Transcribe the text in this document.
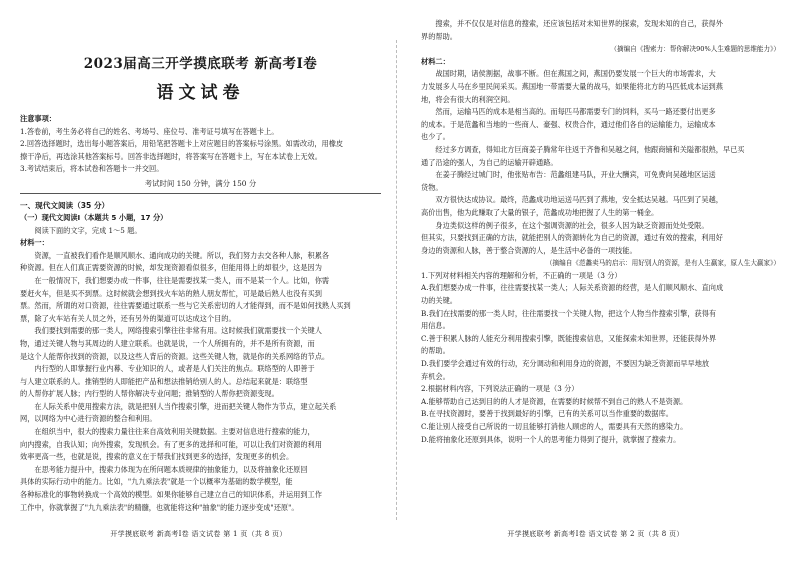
2023届高三开学摸底联考 新高考Ⅰ卷
语文试卷
注意事项：
1.答卷前，考生务必将自己的姓名、考场号、座位号、准考证号填写在答题卡上。
2.回答选择题时，选出每小题答案后，用铅笔把答题卡上对应题目的答案标号涂黑。如需改动，用橡皮
擦干净后，再选涂其他答案标号。回答非选择题时，将答案写在答题卡上，写在本试卷上无效。
3.考试结束后，将本试卷和答题卡一并交回。
考试时间 150 分钟，满分 150 分
一、现代文阅读（35 分）
（一）现代文阅读Ⅰ（本题共 5 小题，17 分）
阅读下面的文字，完成 1～5 题。
材料一：
资源，一直被我们看作是顺风顺水、通向成功的关键。所以，我们努力去交各种人脉，积累各
种资源。但在人们真正需要资源的时候，却发现资源看似很多，但能用得上的却很少，这是因为
在一般情况下，我们想要办成一件事，往往是需要找某一类人，而不是某一个人。比如，你需
要赶火车，但是买不到票。这时候就会想到找火车站的熟人朋友帮忙，可是最后熟人也没有买到
票。然而，所谓的对口资源，往往需要通过联系一些与它关系密切的人才能得到，而不是如何找熟人买到
票，除了火车站有关人员之外，还有另外的渠道可以达成这个目的。
我们要找到需要的那一类人，网络搜索引擎往往非常有用。这时候我们就需要找一个关键人
物，通过关键人物与其周边的人建立联系。也就是说，一个人所拥有的，并不是所有资源，而
是这个人能帮你找到的资源，以及这些人背后的资源。这些关键人物，就是你的关系网络的节点。
内行型的人即掌握行业内幕、专业知识的人，或者是人们关注的焦点。联络型的人即善于
与人建立联系的人。推销型的人即能把产品和想法推销给别人的人。总结起来就是：联络型
的人帮你扩展人脉；内行型的人帮你解决专业问题；推销型的人帮你把资源变现。
在人际关系中使用搜索方法，就是把别人当作搜索引擎，进而把关键人物作为节点，建立起关系
网，以网络为中心进行资源的整合和利用。
在组织当中，很大的搜索力量往往来自高效利用关键数据。主要对信息进行搜索的能力，
向内搜索，自我认知；向外搜索，发现机会。有了更多的选择和可能，可以让我们对资源的利用
效率更高一些，也就是说，搜索的意义在于帮我们找到更多的选择，发现更多的机会。
在思考能力提升中，搜索力体现为在所问题本质规律的抽象能力，以及将抽象化还原回
具体的实际行动中的能力。比如，"九九乘法表"就是一个以概率为基础的数学模型，能
各种标准化的事物转换成一个高效的模型。如果你能够自己建立自己的知识体系，并运用到工作
工作中，你就掌握了"九九乘法表"的精髓，也就能将这种"抽象"的能力逐步变成"还原"。
开学摸底联考 新高考Ⅰ卷 语文试卷 第 1 页（共 8 页）
搜索，并不仅仅是对信息的搜索，还应该包括对未知世界的探索，发现未知的自己，获得外
界的帮助。
（摘编自《搜索力：帮你解决90%人生难题的思维能力》）
材料二：
战国时期，诸侯割据，战事不断。但在燕国之间，燕国仍要发展一个巨大的市场需求，大
力发展多人马在乡里民间采买。燕国地一带需要大量的战马，如果能将北方的马匹低成本运到燕
地，将会有很大的利润空间。
然而，运输马匹的成本是相当高的。而每匹马都需要专门的饲料，买马一路还要付出更多
的成本。于是范蠡和当地的一些商人、豪强、权贵合作，通过他们各自的运输能力，运输成本
也少了。
经过多方调查，得知北方巨商姜子腾常年往返于齐鲁和吴越之间，他跟商铺和关隘都很熟，早已买
通了沿途的强人，为自己的运输开辟通路。
在姜子腾经过城门时，他张贴布告：范蠡组建马队，开业大酬宾，可免费向吴越地区运送
货物。
双方很快达成协议。最终，范蠡成功地运送马匹到了燕地，安全抵达吴越。马匹到了吴越，
高价出售，他为此赚取了大量的银子，范蠡成功地把握了人生的第一桶金。
身边类似这样的例子很多，在这个强调资源的社会，很多人因为缺乏资源而处处受限。
但其实，只要找到正确的方法，就能把别人的资源转化为自己的资源，通过有效的搜索，利用好
身边的资源和人脉，善于整合资源的人，是生活中必备的一项技能。
（摘编自《范蠡卖马的启示：用好别人的资源，是有人生赢家，原人生大赢家》）
1.下列对材料相关内容的理解和分析，不正确的一项是（3 分）
A.我们想要办成一件事，往往需要找某一类人；人际关系资源的经营，是人们顺风顺水、直向成
功的关键。
B.我们在找需要的那一类人时，往往需要找一个关键人物，把这个人物当作搜索引擎，获得有
用信息。
C.善于积累人脉的人能充分利用搜索引擎，既能搜索信息，又能探索未知世界，还能获得外界
的帮助。
D.我们要学会通过有效的行动，充分调动和利用身边的资源，不要因为缺乏资源而早早地放
弃机会。
2.根据材料内容，下列说法正确的一项是（3 分）
A.能够帮助自己达到目的的人才是资源，在需要的时候帮不到自己的熟人不是资源。
B.在寻找资源时，要善于找到最好的引擎，已有的关系可以当作重要的数据库。
C.能让别人接受自己所说的一切且能够打消他人顾虑的人，需要具有天然的感染力。
D.能将抽象化还原到具体，说明一个人的思考能力得到了提升，就掌握了搜索力。
开学摸底联考 新高考Ⅰ卷 语文试卷 第 2 页（共 8 页）
